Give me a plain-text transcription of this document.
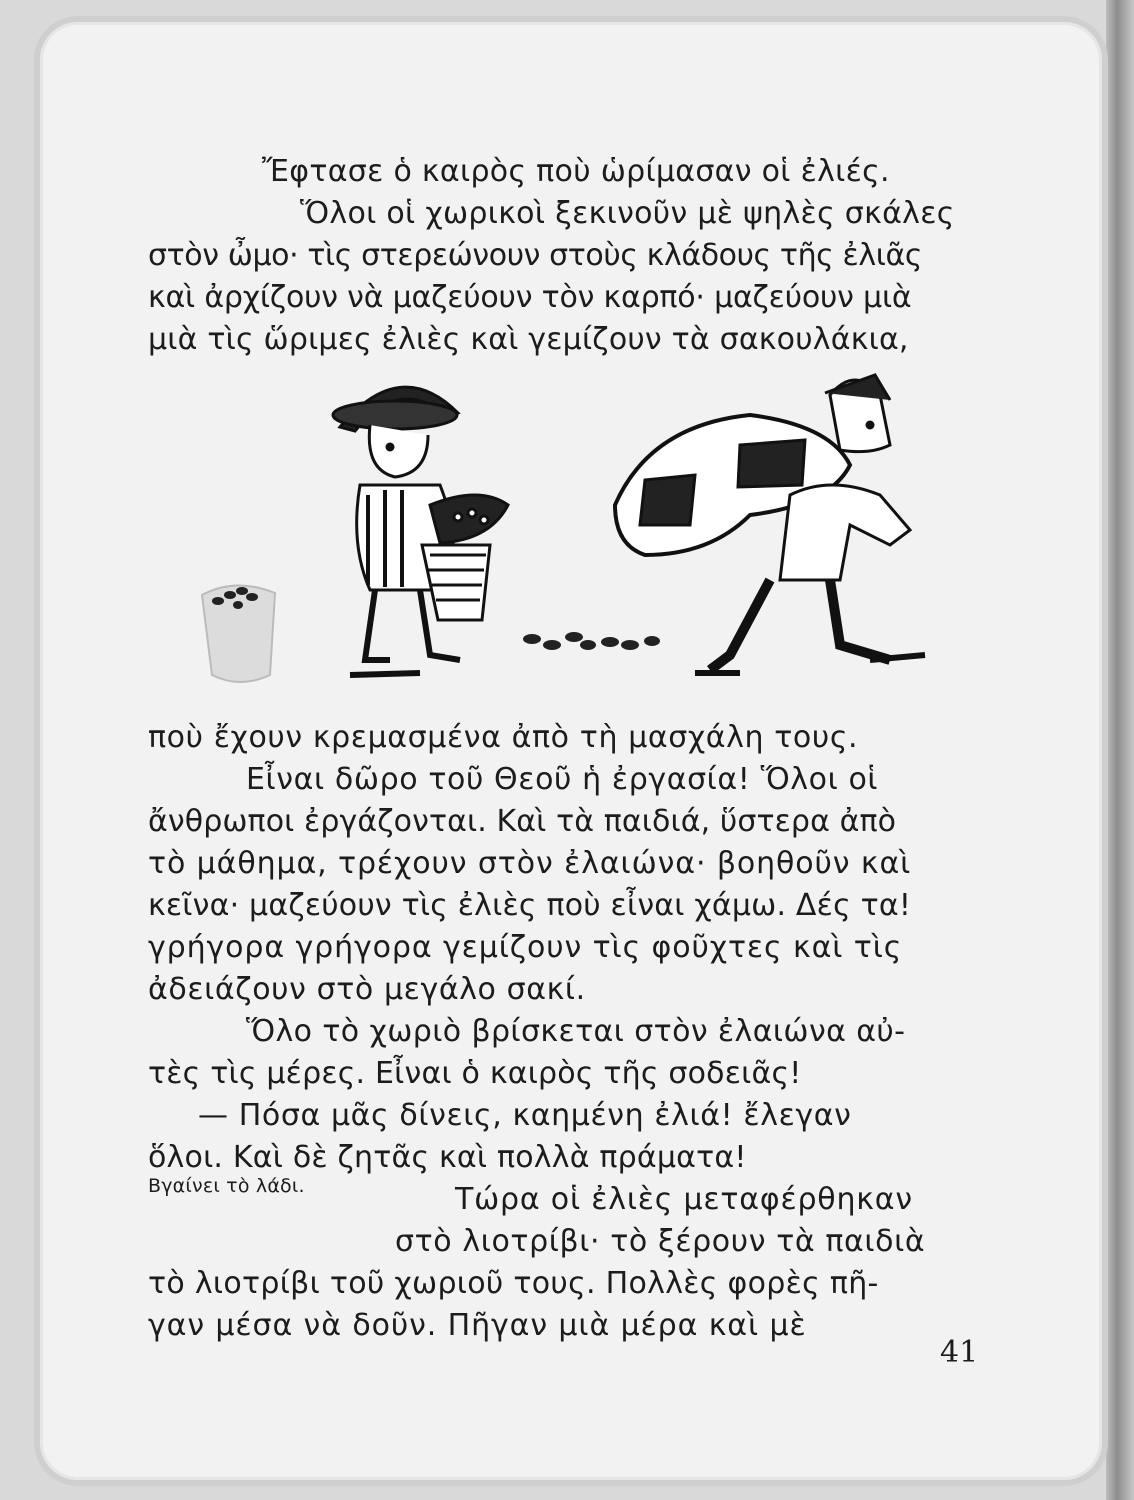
Ἔφτασε ὁ καιρὸς ποὺ ὡρίμασαν οἱ ἐλιές.
Ὅλοι οἱ χωρικοὶ ξεκινοῦν μὲ ψηλὲς σκάλες
στὸν ὦμο· τὶς στερεώνουν στοὺς κλάδους τῆς ἐλιᾶς
καὶ ἀρχίζουν νὰ μαζεύουν τὸν καρπό· μαζεύουν μιὰ
μιὰ τὶς ὥριμες ἐλιὲς καὶ γεμίζουν τὰ σακουλάκια,
ποὺ ἔχουν κρεμασμένα ἀπὸ τὴ μασχάλη τους.
Εἶναι δῶρο τοῦ Θεοῦ ἡ ἐργασία! Ὅλοι οἱ
ἄνθρωποι ἐργάζονται. Καὶ τὰ παιδιά, ὕστερα ἀπὸ
τὸ μάθημα, τρέχουν στὸν ἐλαιώνα· βοηθοῦν καὶ
κεῖνα· μαζεύουν τὶς ἐλιὲς ποὺ εἶναι χάμω. Δές τα!
γρήγορα γρήγορα γεμίζουν τὶς φοῦχτες καὶ τὶς
ἀδειάζουν στὸ μεγάλο σακί.
Ὅλο τὸ χωριὸ βρίσκεται στὸν ἐλαιώνα αὐ-
τὲς τὶς μέρες. Εἶναι ὁ καιρὸς τῆς σοδειᾶς!
— Πόσα μᾶς δίνεις, καημένη ἐλιά! ἔλεγαν
ὅλοι. Καὶ δὲ ζητᾶς καὶ πολλὰ πράματα!
Τώρα οἱ ἐλιὲς μεταφέρθηκαν
στὸ λιοτρίβι· τὸ ξέρουν τὰ παιδιὰ
τὸ λιοτρίβι τοῦ χωριοῦ τους. Πολλὲς φορὲς πῆ-
γαν μέσα νὰ δοῦν. Πῆγαν μιὰ μέρα καὶ μὲ
Βγαίνει τὸ λάδι.
41
